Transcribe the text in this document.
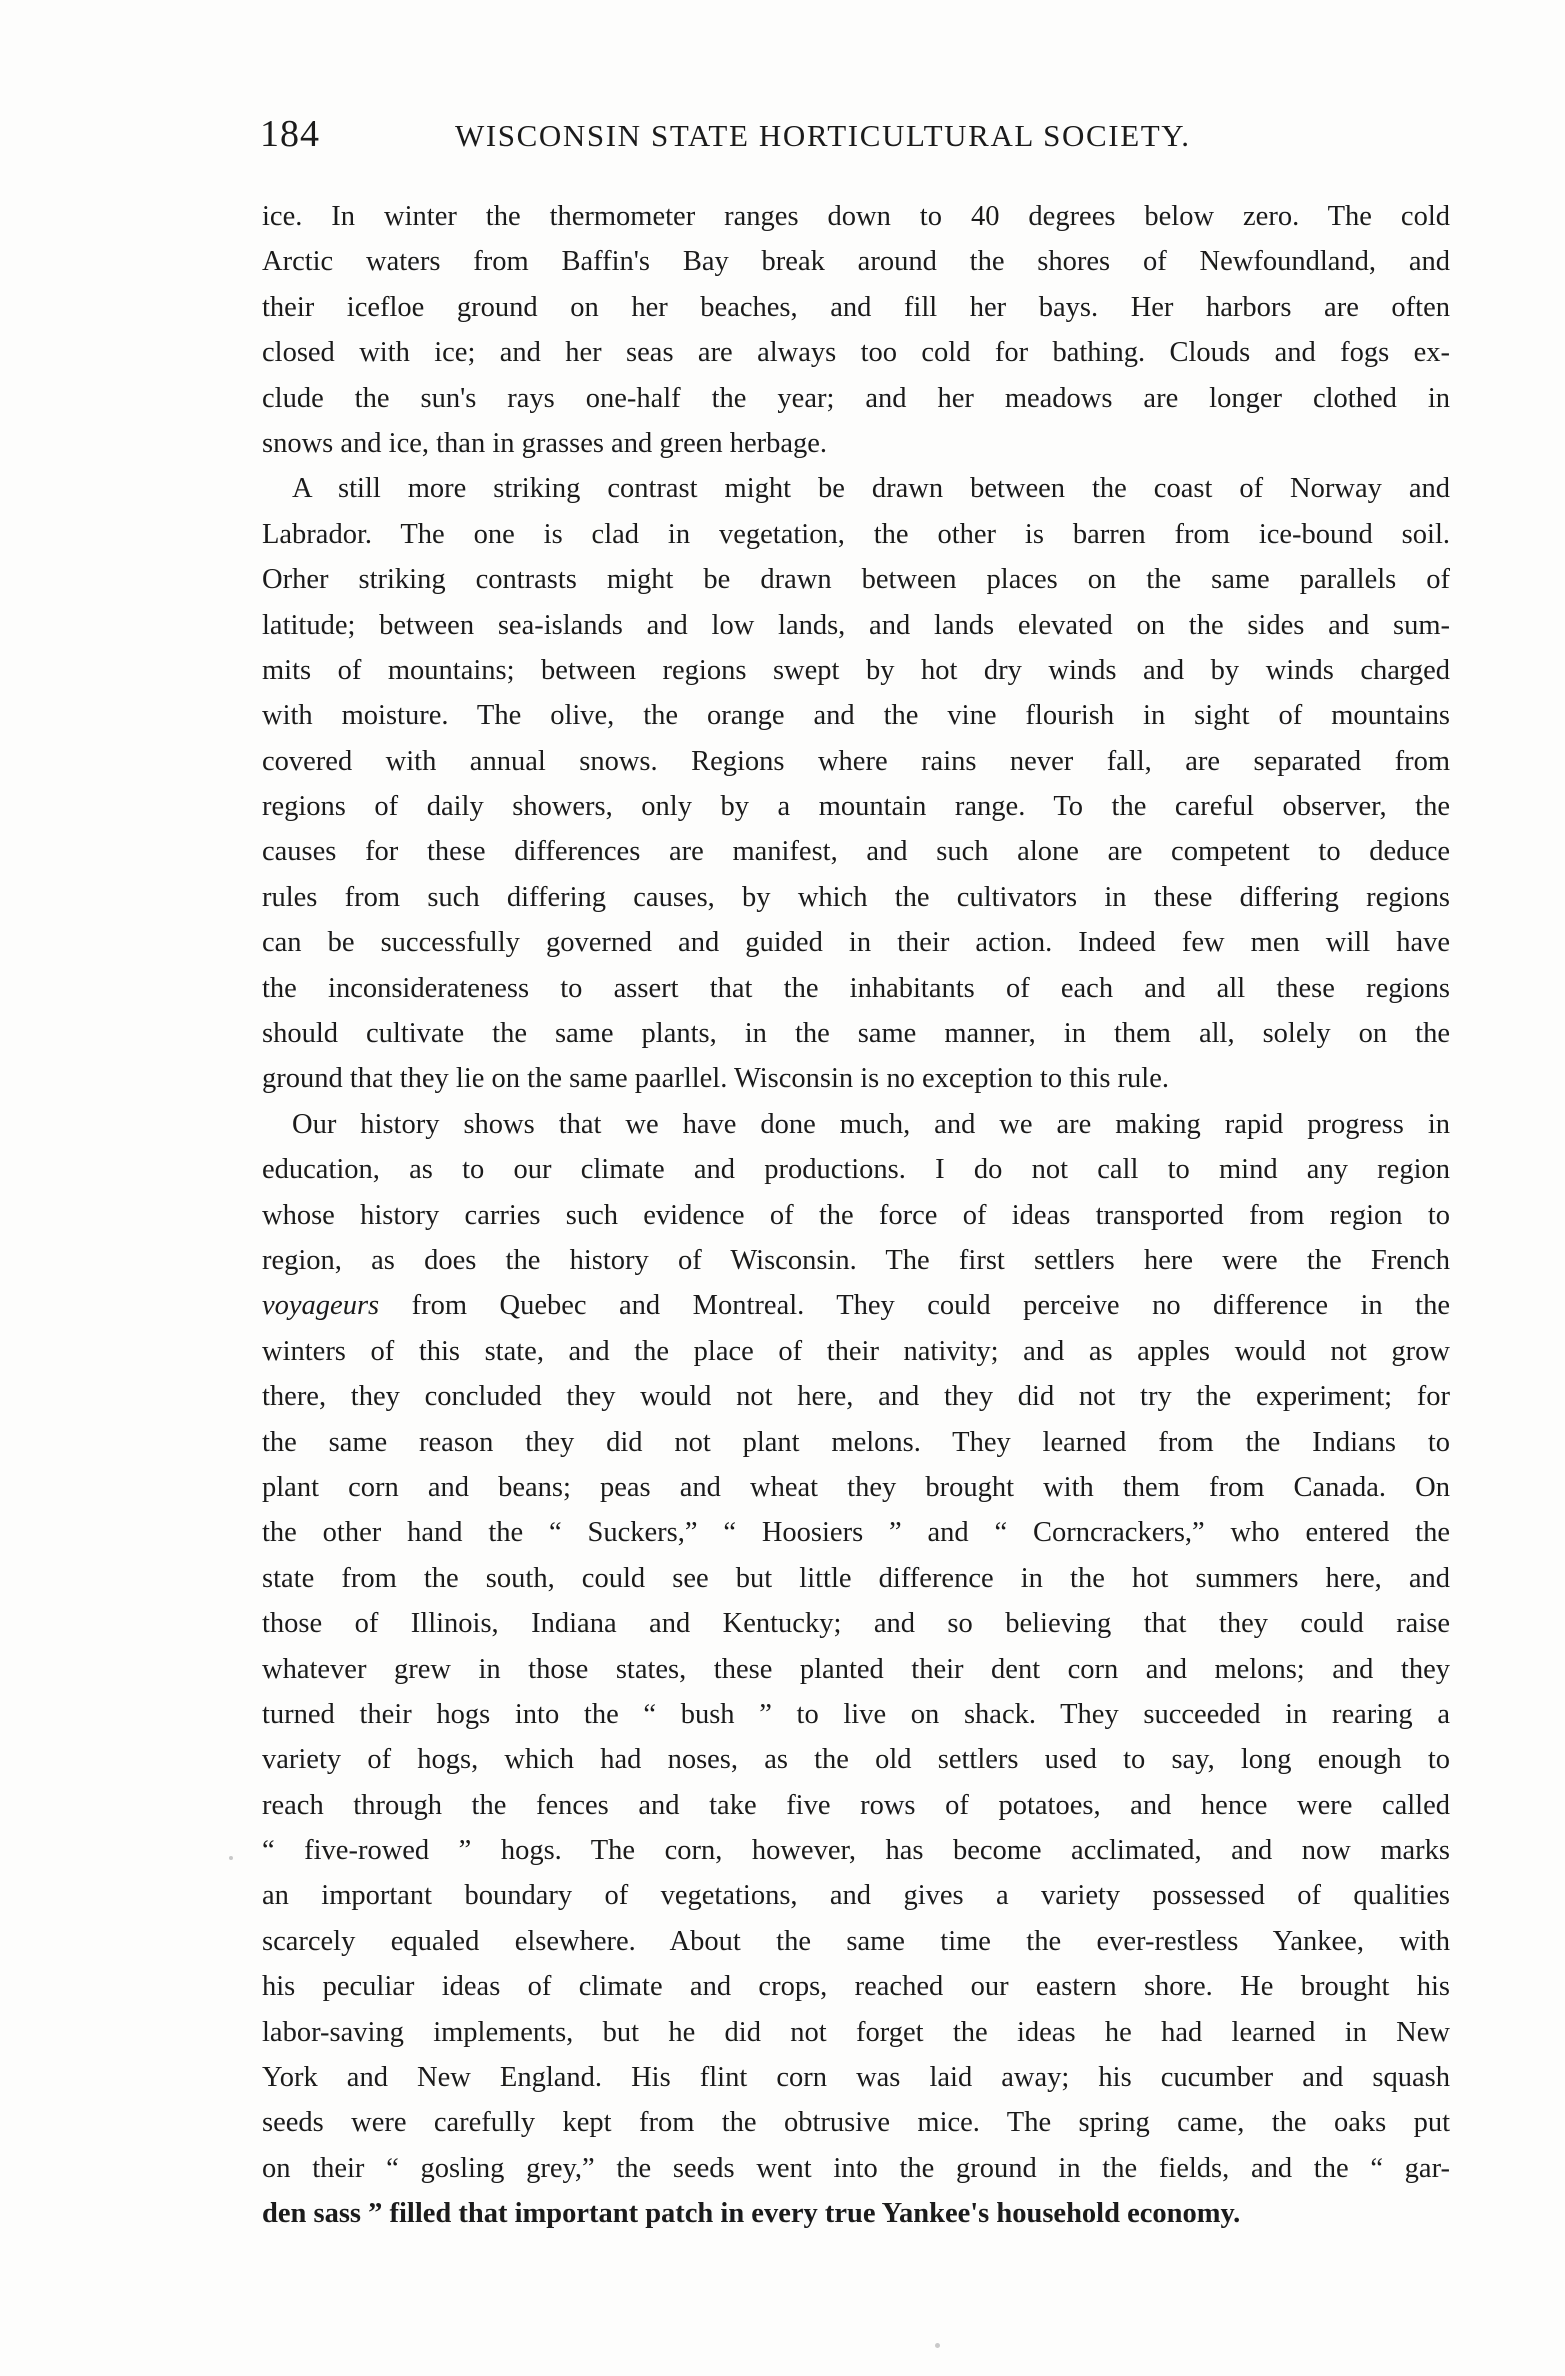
184	WISCONSIN STATE HORTICULTURAL SOCIETY.
ice. In winter the thermometer ranges down to 40 degrees below zero. The cold
Arctic waters from Baffin's Bay break around the shores of Newfoundland, and
their icefloe ground on her beaches, and fill her bays. Her harbors are often
closed with ice; and her seas are always too cold for bathing. Clouds and fogs ex-
clude the sun's rays one-half the year; and her meadows are longer clothed in
snows and ice, than in grasses and green herbage.
A still more striking contrast might be drawn between the coast of Norway and
Labrador. The one is clad in vegetation, the other is barren from ice-bound soil.
Orher striking contrasts might be drawn between places on the same parallels of
latitude; between sea-islands and low lands, and lands elevated on the sides and sum-
mits of mountains; between regions swept by hot dry winds and by winds charged
with moisture. The olive, the orange and the vine flourish in sight of mountains
covered with annual snows. Regions where rains never fall, are separated from
regions of daily showers, only by a mountain range. To the careful observer, the
causes for these differences are manifest, and such alone are competent to deduce
rules from such differing causes, by which the cultivators in these differing regions
can be successfully governed and guided in their action. Indeed few men will have
the inconsiderateness to assert that the inhabitants of each and all these regions
should cultivate the same plants, in the same manner, in them all, solely on the
ground that they lie on the same paarllel. Wisconsin is no exception to this rule.
Our history shows that we have done much, and we are making rapid progress in
education, as to our climate and productions. I do not call to mind any region
whose history carries such evidence of the force of ideas transported from region to
region, as does the history of Wisconsin. The first settlers here were the French
voyageurs from Quebec and Montreal. They could perceive no difference in the
winters of this state, and the place of their nativity; and as apples would not grow
there, they concluded they would not here, and they did not try the experiment; for
the same reason they did not plant melons. They learned from the Indians to
plant corn and beans; peas and wheat they brought with them from Canada. On
the other hand the “ Suckers,” “ Hoosiers ” and “ Corncrackers,” who entered the
state from the south, could see but little difference in the hot summers here, and
those of Illinois, Indiana and Kentucky; and so believing that they could raise
whatever grew in those states, these planted their dent corn and melons; and they
turned their hogs into the “ bush ” to live on shack. They succeeded in rearing a
variety of hogs, which had noses, as the old settlers used to say, long enough to
reach through the fences and take five rows of potatoes, and hence were called
“ five-rowed ” hogs. The corn, however, has become acclimated, and now marks
an important boundary of vegetations, and gives a variety possessed of qualities
scarcely equaled elsewhere. About the same time the ever-restless Yankee, with
his peculiar ideas of climate and crops, reached our eastern shore. He brought his
labor-saving implements, but he did not forget the ideas he had learned in New
York and New England. His flint corn was laid away; his cucumber and squash
seeds were carefully kept from the obtrusive mice. The spring came, the oaks put
on their “ gosling grey,” the seeds went into the ground in the fields, and the “ gar-
den sass ” filled that important patch in every true Yankee's household economy.
